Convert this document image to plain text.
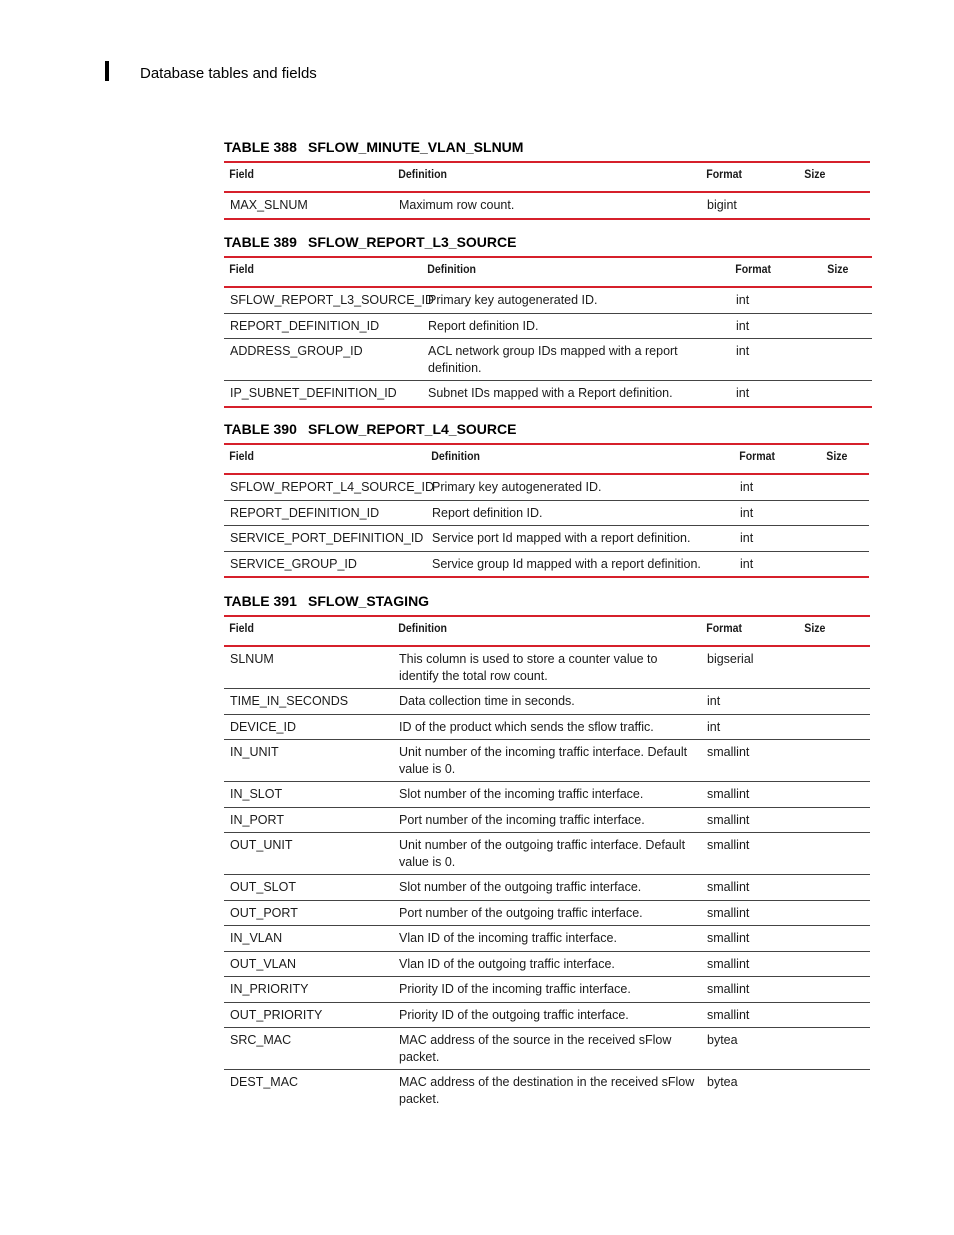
Database tables and fields
TABLE 388 SFLOW_MINUTE_VLAN_SLNUM
Field	Definition	Format	Size
MAX_SLNUM	Maximum row count.	bigint	
TABLE 389 SFLOW_REPORT_L3_SOURCE
Field	Definition	Format	Size
SFLOW_REPORT_L3_SOURCE_ID	Primary key autogenerated ID.	int	
REPORT_DEFINITION_ID	Report definition ID.	int	
ADDRESS_GROUP_ID	ACL network group IDs mapped with a report definition.	int	
IP_SUBNET_DEFINITION_ID	Subnet IDs mapped with a Report definition.	int	
TABLE 390 SFLOW_REPORT_L4_SOURCE
Field	Definition	Format	Size
SFLOW_REPORT_L4_SOURCE_ID	Primary key autogenerated ID.	int	
REPORT_DEFINITION_ID	Report definition ID.	int	
SERVICE_PORT_DEFINITION_ID	Service port Id mapped with a report definition.	int	
SERVICE_GROUP_ID	Service group Id mapped with a report definition.	int	
TABLE 391 SFLOW_STAGING
Field	Definition	Format	Size
SLNUM	This column is used to store a counter value to identify the total row count.	bigserial	
TIME_IN_SECONDS	Data collection time in seconds.	int	
DEVICE_ID	ID of the product which sends the sflow traffic.	int	
IN_UNIT	Unit number of the incoming traffic interface. Default value is 0.	smallint	
IN_SLOT	Slot number of the incoming traffic interface.	smallint	
IN_PORT	Port number of the incoming traffic interface.	smallint	
OUT_UNIT	Unit number of the outgoing traffic interface. Default value is 0.	smallint	
OUT_SLOT	Slot number of the outgoing traffic interface.	smallint	
OUT_PORT	Port number of the outgoing traffic interface.	smallint	
IN_VLAN	Vlan ID of the incoming traffic interface.	smallint	
OUT_VLAN	Vlan ID of the outgoing traffic interface.	smallint	
IN_PRIORITY	Priority ID of the incoming traffic interface.	smallint	
OUT_PRIORITY	Priority ID of the outgoing traffic interface.	smallint	
SRC_MAC	MAC address of the source in the received sFlow packet.	bytea	
DEST_MAC	MAC address of the destination in the received sFlow packet.	bytea	
